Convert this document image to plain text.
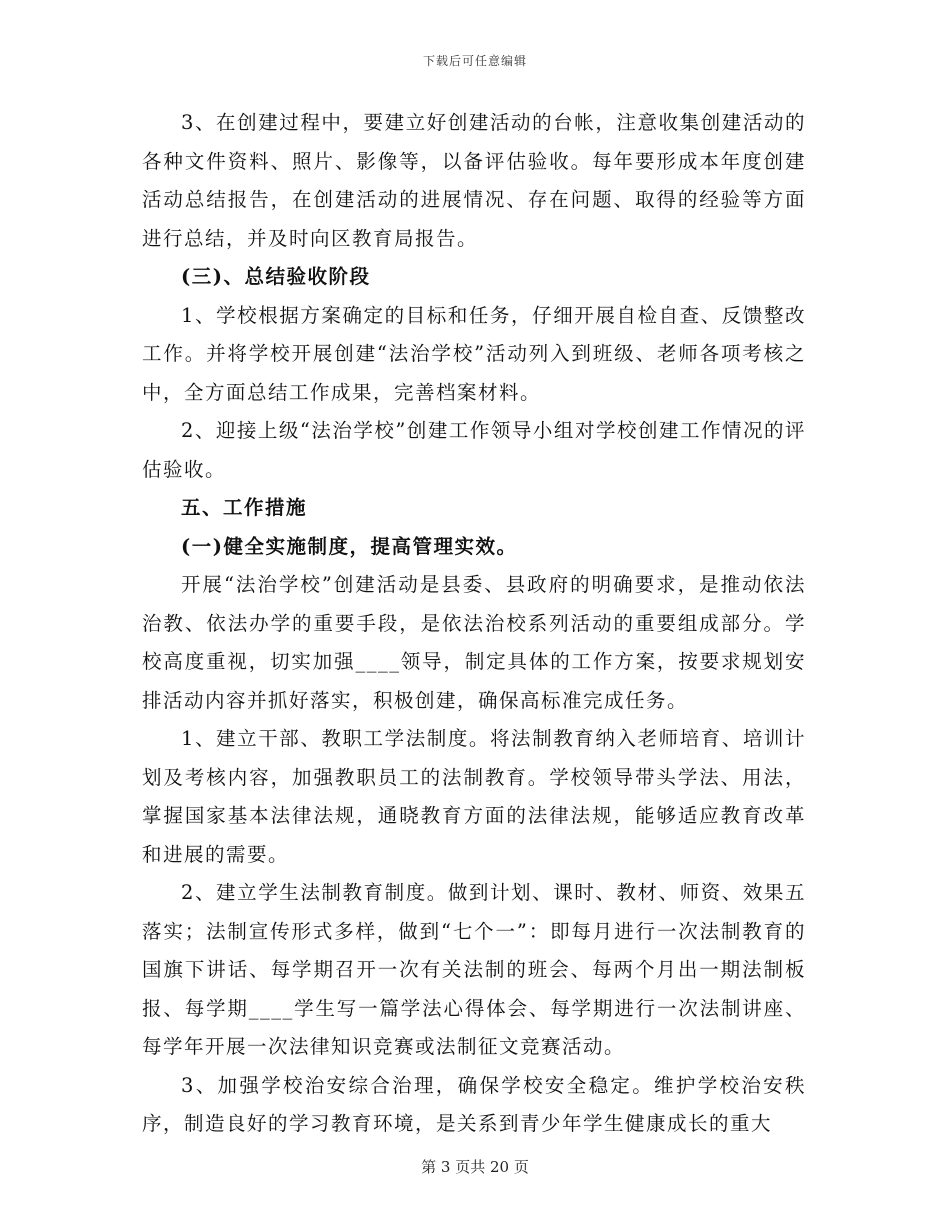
下载后可任意编辑

3、在创建过程中，要建立好创建活动的台帐，注意收集创建活动的各种文件资料、照片、影像等，以备评估验收。每年要形成本年度创建活动总结报告，在创建活动的进展情况、存在问题、取得的经验等方面进行总结，并及时向区教育局报告。

(三)、总结验收阶段

1、学校根据方案确定的目标和任务，仔细开展自检自查、反馈整改工作。并将学校开展创建“法治学校”活动列入到班级、老师各项考核之中，全方面总结工作成果，完善档案材料。

2、迎接上级“法治学校”创建工作领导小组对学校创建工作情况的评估验收。

五、工作措施

(一)健全实施制度，提高管理实效。

开展“法治学校”创建活动是县委、县政府的明确要求，是推动依法治教、依法办学的重要手段，是依法治校系列活动的重要组成部分。学校高度重视，切实加强____领导，制定具体的工作方案，按要求规划安排活动内容并抓好落实，积极创建，确保高标准完成任务。

1、建立干部、教职工学法制度。将法制教育纳入老师培育、培训计划及考核内容，加强教职员工的法制教育。学校领导带头学法、用法，掌握国家基本法律法规，通晓教育方面的法律法规，能够适应教育改革和进展的需要。

2、建立学生法制教育制度。做到计划、课时、教材、师资、效果五落实；法制宣传形式多样，做到“七个一”：即每月进行一次法制教育的国旗下讲话、每学期召开一次有关法制的班会、每两个月出一期法制板报、每学期____学生写一篇学法心得体会、每学期进行一次法制讲座、每学年开展一次法律知识竞赛或法制征文竞赛活动。

3、加强学校治安综合治理，确保学校安全稳定。维护学校治安秩序，制造良好的学习教育环境，是关系到青少年学生健康成长的重大

第 3 页共 20 页
